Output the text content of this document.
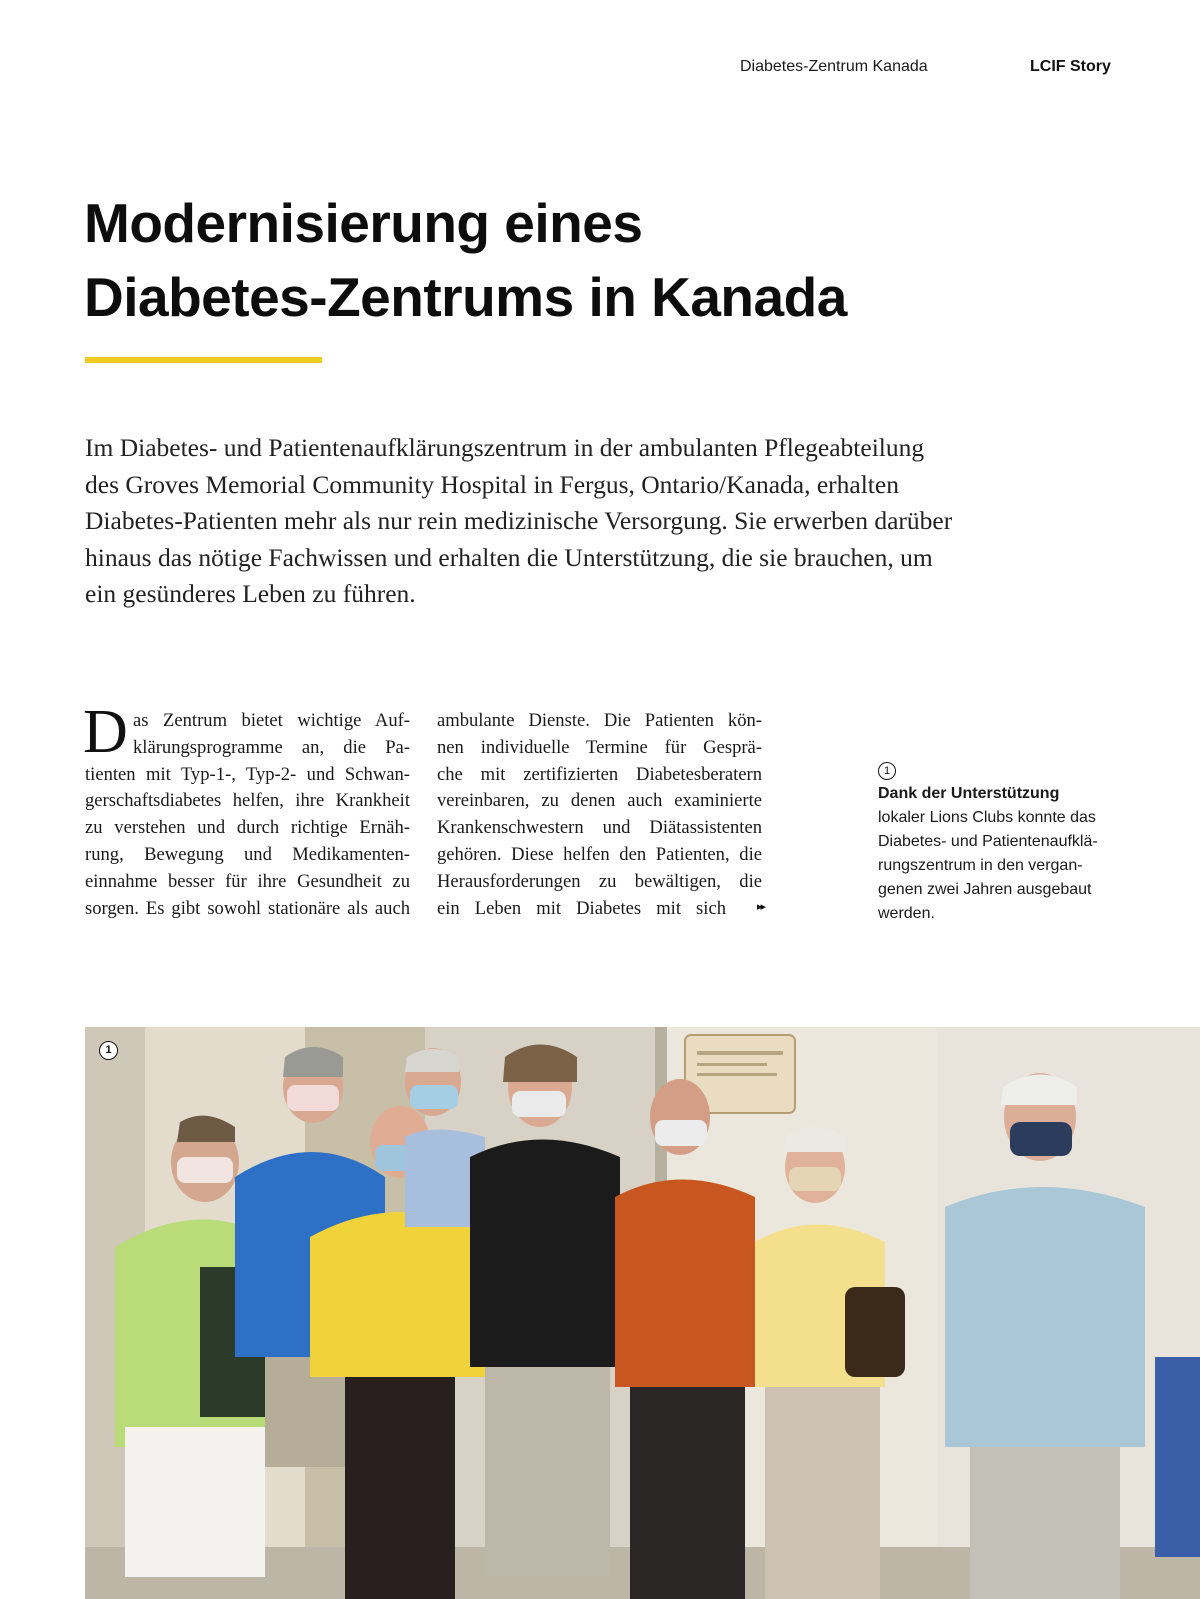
Diabetes-Zentrum Kanada	LCIF Story
Modernisierung eines
Diabetes-Zentrums in Kanada
Im Diabetes- und Patientenaufklärungszentrum in der ambulanten Pflegeabteilung
des Groves Memorial Community Hospital in Fergus, Ontario/Kanada, erhalten
Diabetes-Patienten mehr als nur rein medizinische Versorgung. Sie erwerben darüber
hinaus das nötige Fachwissen und erhalten die Unterstützung, die sie brauchen, um
ein gesünderes Leben zu führen.
D as Zentrum bietet wichtige Auf-
klärungsprogramme an, die Pa-
tienten mit Typ-1-, Typ-2- und Schwan-
gerschaftsdiabetes helfen, ihre Krankheit
zu verstehen und durch richtige Ernäh-
rung, Bewegung und Medikamenten-
einnahme besser für ihre Gesundheit zu
sorgen. Es gibt sowohl stationäre als auch
ambulante Dienste. Die Patienten kön-
nen individuelle Termine für Gesprä-
che mit zertifizierten Diabetesberatern
vereinbaren, zu denen auch examinierte
Krankenschwestern und Diätassistenten
gehören. Diese helfen den Patienten, die
Herausforderungen zu bewältigen, die
ein Leben mit Diabetes mit sich	▸▸
1
Dank der Unterstützung
lokaler Lions Clubs konnte das
Diabetes- und Patientenaufklä-
rungszentrum in den vergan-
genen zwei Jahren ausgebaut
werden.
1
